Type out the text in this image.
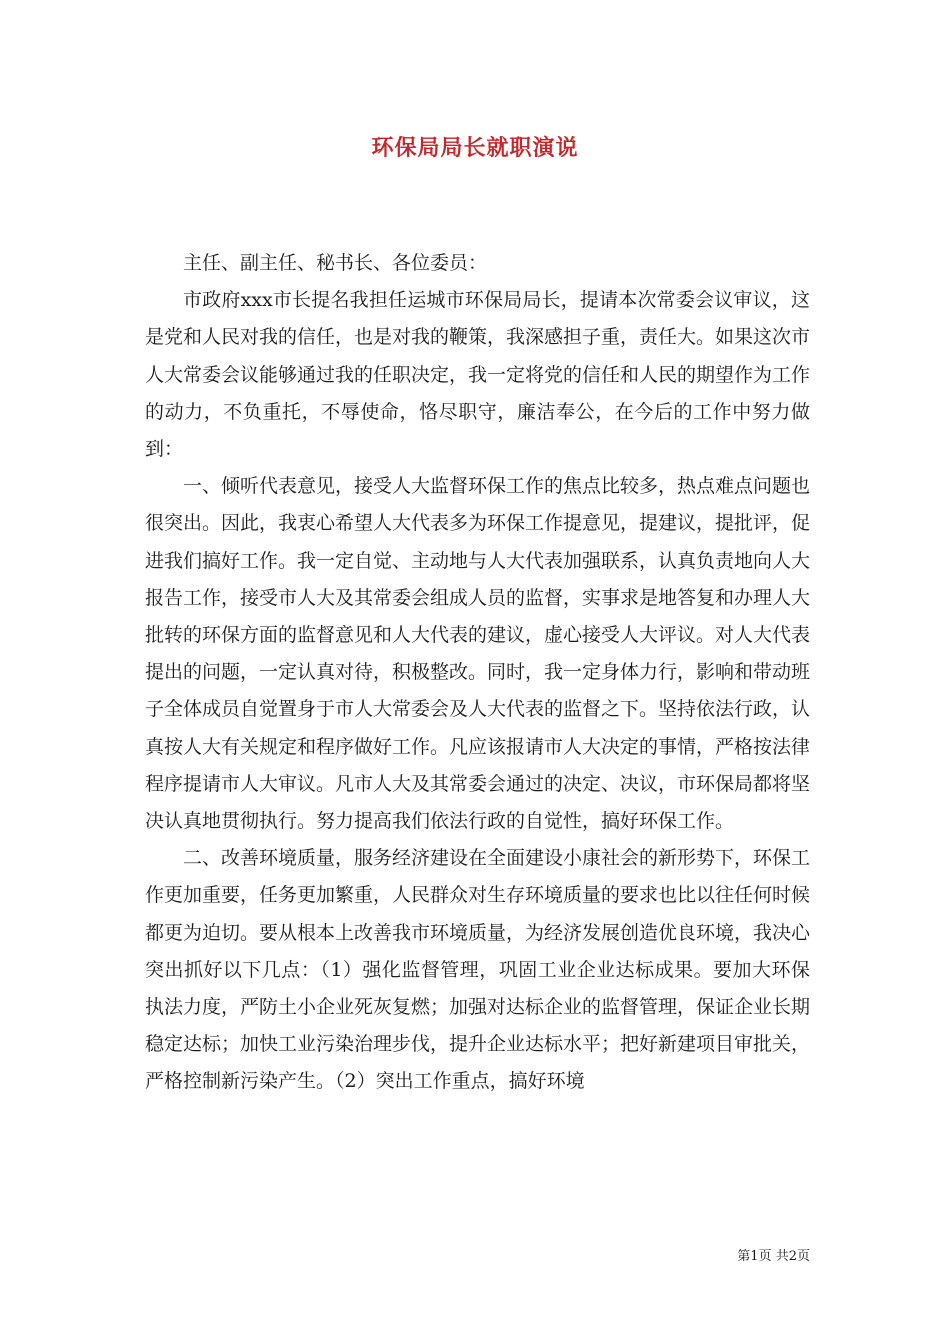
环保局局长就职演说

主任、副主任、秘书长、各位委员：

市政府xxx市长提名我担任运城市环保局局长，提请本次常委会议审议，这是党和人民对我的信任，也是对我的鞭策，我深感担子重，责任大。如果这次市人大常委会议能够通过我的任职决定，我一定将党的信任和人民的期望作为工作的动力，不负重托，不辱使命，恪尽职守，廉洁奉公，在今后的工作中努力做到：

一、倾听代表意见，接受人大监督环保工作的焦点比较多，热点难点问题也很突出。因此，我衷心希望人大代表多为环保工作提意见，提建议，提批评，促进我们搞好工作。我一定自觉、主动地与人大代表加强联系，认真负责地向人大报告工作，接受市人大及其常委会组成人员的监督，实事求是地答复和办理人大批转的环保方面的监督意见和人大代表的建议，虚心接受人大评议。对人大代表提出的问题，一定认真对待，积极整改。同时，我一定身体力行，影响和带动班子全体成员自觉置身于市人大常委会及人大代表的监督之下。坚持依法行政，认真按人大有关规定和程序做好工作。凡应该报请市人大决定的事情，严格按法律程序提请市人大审议。凡市人大及其常委会通过的决定、决议，市环保局都将坚决认真地贯彻执行。努力提高我们依法行政的自觉性，搞好环保工作。

二、改善环境质量，服务经济建设在全面建设小康社会的新形势下，环保工作更加重要，任务更加繁重，人民群众对生存环境质量的要求也比以往任何时候都更为迫切。要从根本上改善我市环境质量，为经济发展创造优良环境，我决心突出抓好以下几点：（1）强化监督管理，巩固工业企业达标成果。要加大环保执法力度，严防土小企业死灰复燃；加强对达标企业的监督管理，保证企业长期稳定达标；加快工业污染治理步伐，提升企业达标水平；把好新建项目审批关，严格控制新污染产生。（2）突出工作重点，搞好环境

第1页 共2页
